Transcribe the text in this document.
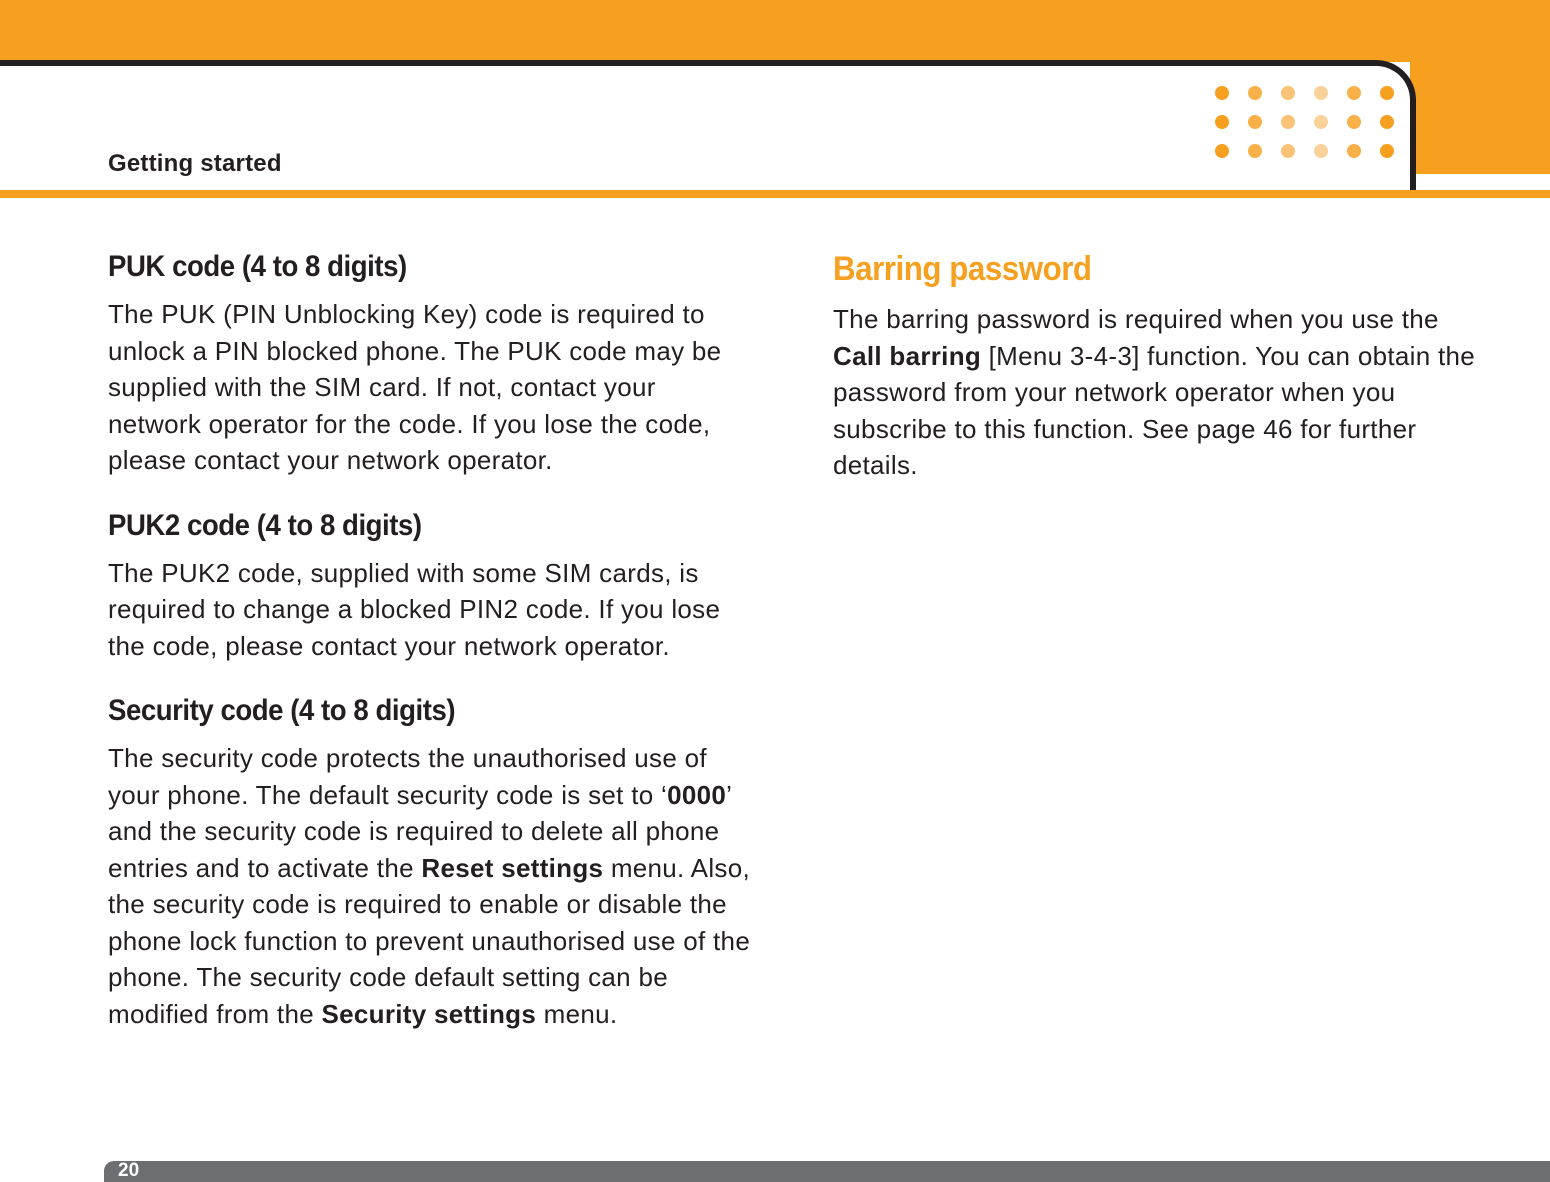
Getting started
PUK code (4 to 8 digits)

The PUK (PIN Unblocking Key) code is required to
unlock a PIN blocked phone. The PUK code may be
supplied with the SIM card. If not, contact your
network operator for the code. If you lose the code,
please contact your network operator.

PUK2 code (4 to 8 digits)

The PUK2 code, supplied with some SIM cards, is
required to change a blocked PIN2 code. If you lose
the code, please contact your network operator.

Security code (4 to 8 digits)

The security code protects the unauthorised use of
your phone. The default security code is set to ‘0000’
and the security code is required to delete all phone
entries and to activate the Reset settings menu. Also,
the security code is required to enable or disable the
phone lock function to prevent unauthorised use of the
phone. The security code default setting can be
modified from the Security settings menu.

Barring password

The barring password is required when you use the
Call barring [Menu 3-4-3] function. You can obtain the
password from your network operator when you
subscribe to this function. See page 46 for further
details.

20
